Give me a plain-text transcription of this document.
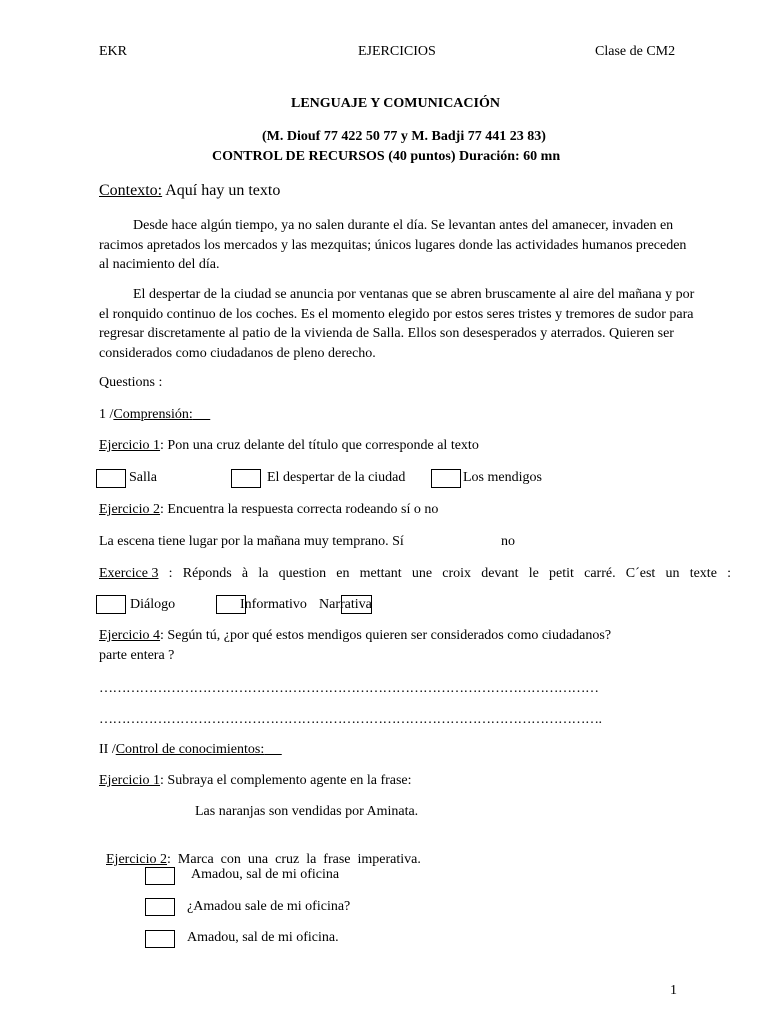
EKR	EJERCICIOS	Clase de CM2
LENGUAJE Y COMUNICACIÓN
(M. Diouf 77 422 50 77 y M. Badji 77 441 23 83)
CONTROL DE RECURSOS (40 puntos) Duración: 60 mn
Contexto: Aquí hay un texto
Desde hace algún tiempo, ya no salen durante el día. Se levantan antes del amanecer, invaden en racimos apretados los mercados y las mezquitas; únicos lugares donde las actividades humanos preceden al nacimiento del día.
El despertar de la ciudad se anuncia por ventanas que se abren bruscamente al aire del mañana y por el ronquido continuo de los coches. Es el momento elegido por estos seres tristes y tremores de sudor para regresar discretamente al patio de la vivienda de Salla. Ellos son desesperados y aterrados. Quieren ser considerados como ciudadanos de pleno derecho.
Questions :
1 /Comprensión:
Ejercicio 1: Pon una cruz delante del título que corresponde al texto
Salla	El despertar de la ciudad	Los mendigos
Ejercicio 2: Encuentra la respuesta correcta rodeando sí o no
La escena tiene lugar por la mañana muy temprano. Sí	no
Exercice 3 : Réponds à la question en mettant une croix devant le petit carré. C´est un texte :
Diálogo	Informativo Narrativa
Ejercicio 4: Según tú, ¿por qué estos mendigos quieren ser considerados como ciudadanos?
parte entera ?
…………………………………………………………………………………………………
………………………………………………………………………………………………….
II /Control de conocimientos:
Ejercicio 1: Subraya el complemento agente en la frase:
Las naranjas son vendidas por Aminata.

Ejercicio 2:  Marca  con  una  cruz  la  frase  imperativa.

Amadou, sal de mi oficina
¿Amadou sale de mi oficina?
Amadou, sal de mi oficina.
1
